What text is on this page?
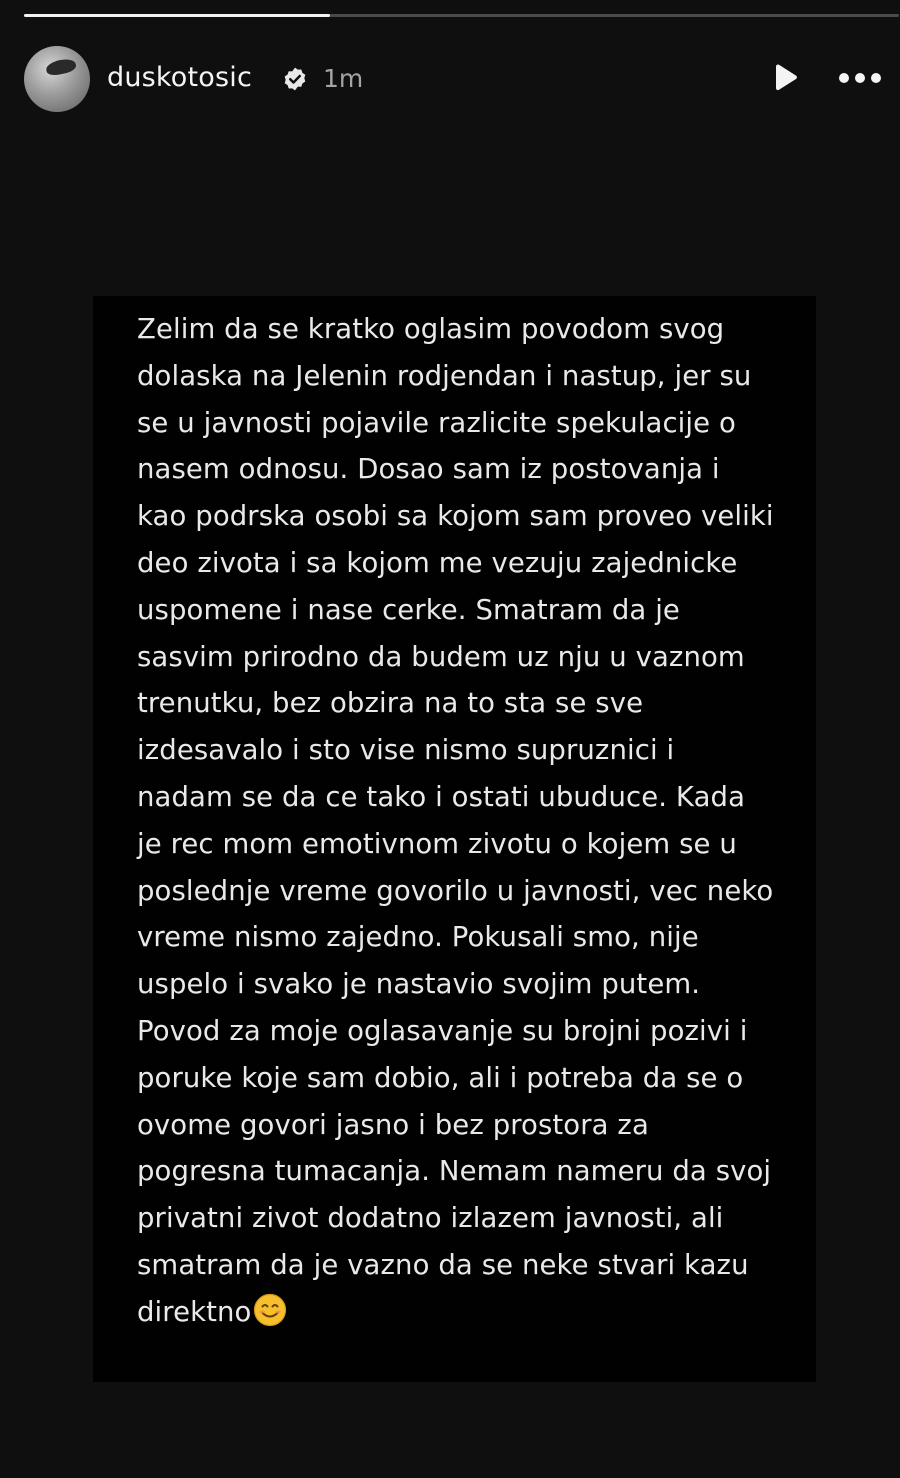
duskotosic	1m
Zelim da se kratko oglasim povodom svog
dolaska na Jelenin rodjendan i nastup, jer su
se u javnosti pojavile razlicite spekulacije o
nasem odnosu. Dosao sam iz postovanja i
kao podrska osobi sa kojom sam proveo veliki
deo zivota i sa kojom me vezuju zajednicke
uspomene i nase cerke. Smatram da je
sasvim prirodno da budem uz nju u vaznom
trenutku, bez obzira na to sta se sve
izdesavalo i sto vise nismo supruznici i
nadam se da ce tako i ostati ubuduce. Kada
je rec mom emotivnom zivotu o kojem se u
poslednje vreme govorilo u javnosti, vec neko
vreme nismo zajedno. Pokusali smo, nije
uspelo i svako je nastavio svojim putem.
Povod za moje oglasavanje su brojni pozivi i
poruke koje sam dobio, ali i potreba da se o
ovome govori jasno i bez prostora za
pogresna tumacanja. Nemam nameru da svoj
privatni zivot dodatno izlazem javnosti, ali
smatram da je vazno da se neke stvari kazu
direktno
